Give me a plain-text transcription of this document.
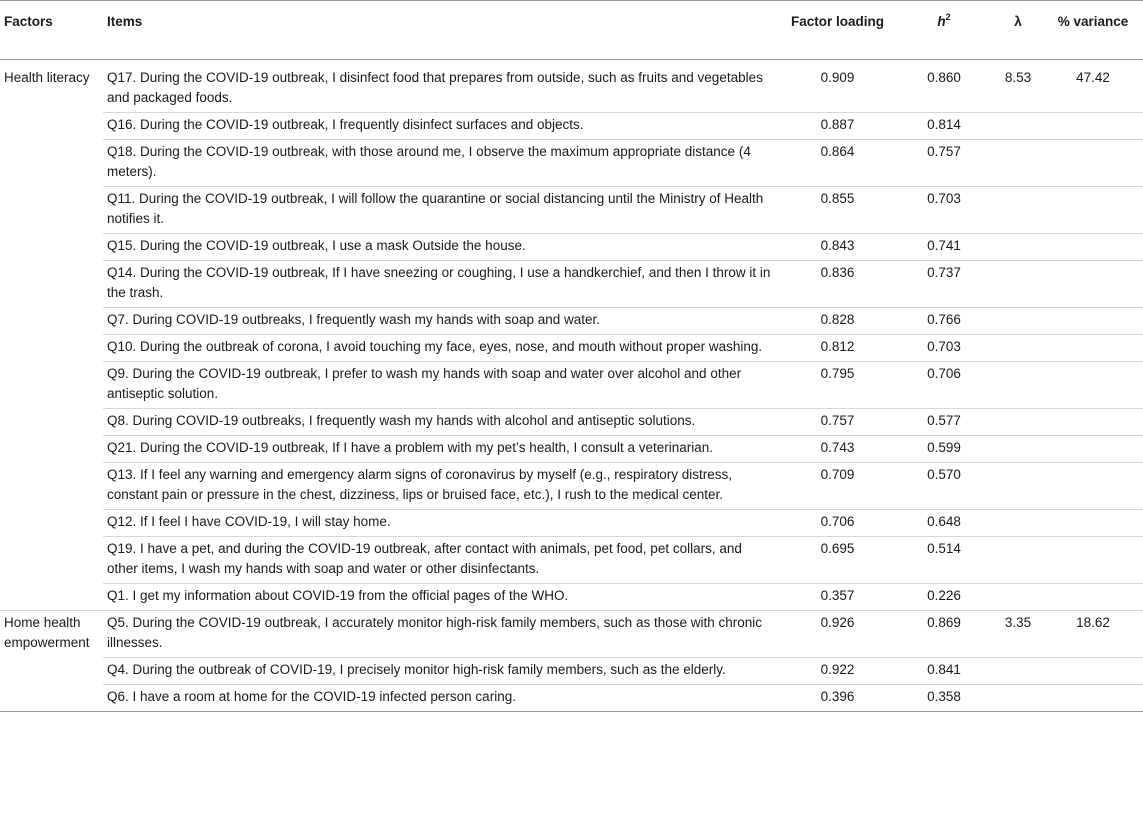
Factors	Items	Factor loading	$h^2$	λ	% variance
Health literacy	Q17. During the COVID-19 outbreak, I disinfect food that prepares from outside, such as fruits and vegetables and packaged foods.	0.909	0.860	8.53	47.42
	Q16. During the COVID-19 outbreak, I frequently disinfect surfaces and objects.	0.887	0.814		
	Q18. During the COVID-19 outbreak, with those around me, I observe the maximum appropriate distance (4 meters).	0.864	0.757		
	Q11. During the COVID-19 outbreak, I will follow the quarantine or social distancing until the Ministry of Health notifies it.	0.855	0.703		
	Q15. During the COVID-19 outbreak, I use a mask Outside the house.	0.843	0.741		
	Q14. During the COVID-19 outbreak, If I have sneezing or coughing, I use a handkerchief, and then I throw it in the trash.	0.836	0.737		
	Q7. During COVID-19 outbreaks, I frequently wash my hands with soap and water.	0.828	0.766		
	Q10. During the outbreak of corona, I avoid touching my face, eyes, nose, and mouth without proper washing.	0.812	0.703		
	Q9. During the COVID-19 outbreak, I prefer to wash my hands with soap and water over alcohol and other antiseptic solution.	0.795	0.706		
	Q8. During COVID-19 outbreaks, I frequently wash my hands with alcohol and antiseptic solutions.	0.757	0.577		
	Q21. During the COVID-19 outbreak, If I have a problem with my pet’s health, I consult a veterinarian.	0.743	0.599		
	Q13. If I feel any warning and emergency alarm signs of coronavirus by myself (e.g., respiratory distress, constant pain or pressure in the chest, dizziness, lips or bruised face, etc.), I rush to the medical center.	0.709	0.570		
	Q12. If I feel I have COVID-19, I will stay home.	0.706	0.648		
	Q19. I have a pet, and during the COVID-19 outbreak, after contact with animals, pet food, pet collars, and other items, I wash my hands with soap and water or other disinfectants.	0.695	0.514		
	Q1. I get my information about COVID-19 from the official pages of the WHO.	0.357	0.226		
Home health empowerment	Q5. During the COVID-19 outbreak, I accurately monitor high-risk family members, such as those with chronic illnesses.	0.926	0.869	3.35	18.62
	Q4. During the outbreak of COVID-19, I precisely monitor high-risk family members, such as the elderly.	0.922	0.841		
	Q6. I have a room at home for the COVID-19 infected person caring.	0.396	0.358		
